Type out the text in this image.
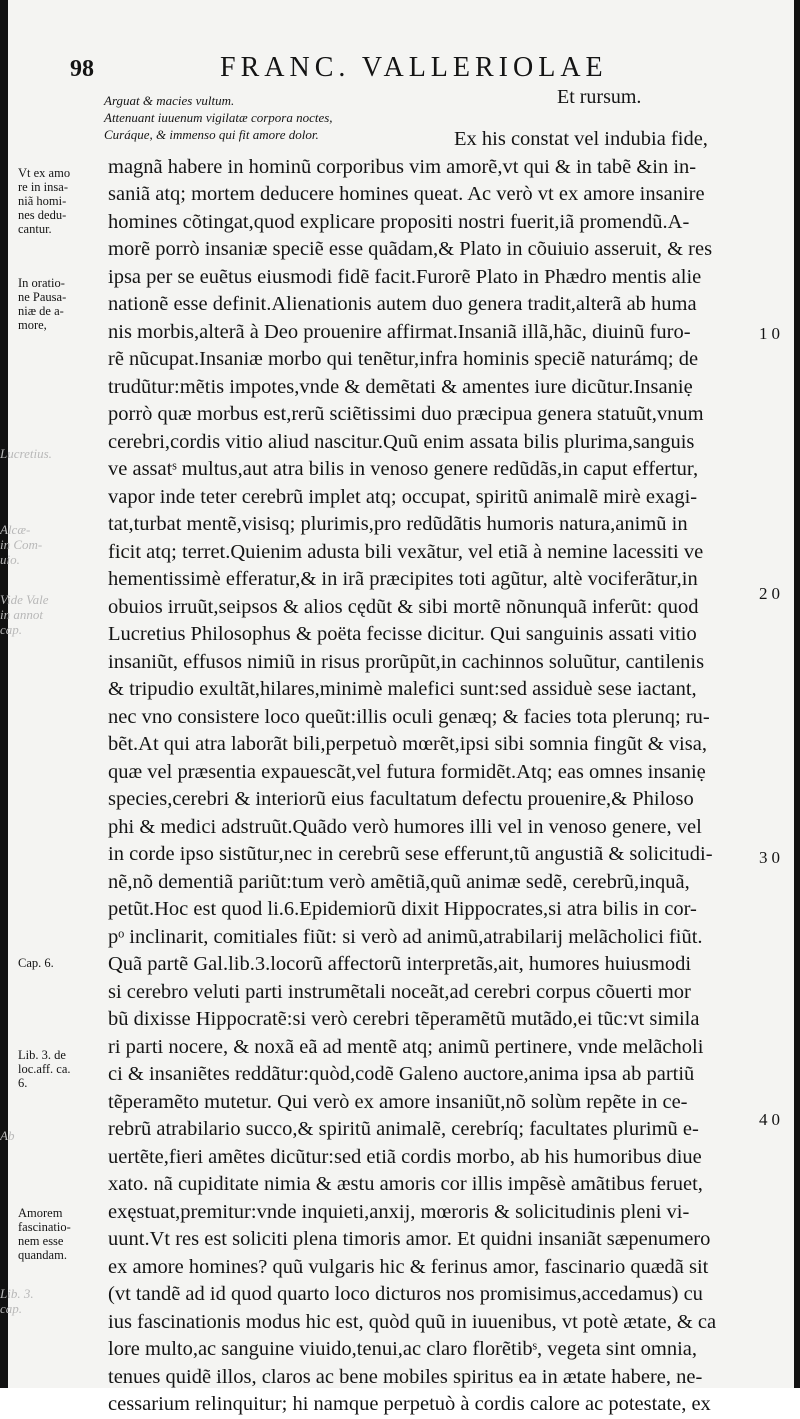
Lucretius.
Alcæ-
in Com-
uio.
Vide Vale
in annot
cap.
Ab
Lib. 3.
cap.
98	FRANC. VALLERIOLAE
Arguat & macies vultum.
Attenuant iuuenum vigilatæ corpora noctes,
Curáque, & immenso qui fit amore dolor.
Et rursum.
Ex his constat vel indubia fide,
magnã habere in hominũ corporibus vim amorẽ,vt qui & in tabẽ &in in-
saniã atq; mortem deducere homines queat. Ac verò vt ex amore insanire
homines cõtingat,quod explicare propositi nostri fuerit,iã promendũ.A-
morẽ porrò insaniæ speciẽ esse quãdam,& Plato in cõuiuio asseruit, & res
ipsa per se euẽtus eiusmodi fidẽ facit.Furorẽ Plato in Phædro mentis alie
nationẽ esse definit.Alienationis autem duo genera tradit,alterã ab huma
nis morbis,alterã à Deo prouenire affirmat.Insaniã illã,hãc, diuinũ furo-
rẽ nũcupat.Insaniæ morbo qui tenẽtur,infra hominis speciẽ naturámq; de
trudũtur:mẽtis impotes,vnde & demẽtati & amentes iure dicũtur.Insaniẹ
porrò quæ morbus est,rerũ sciẽtissimi duo præcipua genera statuũt,vnum
cerebri,cordis vitio aliud nascitur.Quũ enim assata bilis plurima,sanguis
ve assatˢ multus,aut atra bilis in venoso genere redũdãs,in caput effertur,
vapor inde teter cerebrũ implet atq; occupat, spiritũ animalẽ mirè exagi-
tat,turbat mentẽ,visisq; plurimis,pro redũdãtis humoris natura,animũ in
ficit atq; terret.Quienim adusta bili vexãtur, vel etiã à nemine lacessiti ve
hementissimè efferatur,& in irã præcipites toti agũtur, altè vociferãtur,in
obuios irruũt,seipsos & alios cędũt & sibi mortẽ nõnunquã inferũt: quod
Lucretius Philosophus & poëta fecisse dicitur. Qui sanguinis assati vitio
insaniũt, effusos nimiũ in risus prorũpũt,in cachinnos soluũtur, cantilenis
& tripudio exultãt,hilares,minimè malefici sunt:sed assiduè sese iactant,
nec vno consistere loco queũt:illis oculi genæq; & facies tota plerunq; ru-
bẽt.At qui atra laborãt bili,perpetuò mœrẽt,ipsi sibi somnia fingũt & visa,
quæ vel præsentia expauescãt,vel futura formidẽt.Atq; eas omnes insaniẹ
species,cerebri & interiorũ eius facultatum defectu prouenire,& Philoso
phi & medici adstruũt.Quãdo verò humores illi vel in venoso genere, vel
in corde ipso sistũtur,nec in cerebrũ sese efferunt,tũ angustiã & solicitudi-
nẽ,nõ dementiã pariũt:tum verò amẽtiã,quũ animæ sedẽ, cerebrũ,inquã,
petũt.Hoc est quod li.6.Epidemiorũ dixit Hippocrates,si atra bilis in cor-
pᵒ inclinarit, comitiales fiũt: si verò ad animũ,atrabilarij melãcholici fiũt.
Quã partẽ Gal.lib.3.locorũ affectorũ interpretãs,ait, humores huiusmodi
si cerebro veluti parti instrumẽtali noceãt,ad cerebri corpus cõuerti mor
bũ dixisse Hippocratẽ:si verò cerebri tẽperamẽtũ mutãdo,ei tũc:vt simila
ri parti nocere, & noxã eã ad mentẽ atq; animũ pertinere, vnde melãcholi
ci & insaniẽtes reddãtur:quòd,codẽ Galeno auctore,anima ipsa ab partiũ
tẽperamẽto mutetur. Qui verò ex amore insaniũt,nõ solùm repẽte in ce-
rebrũ atrabilario succo,& spiritũ animalẽ, cerebríq; facultates plurimũ e-
uertẽte,fieri amẽtes dicũtur:sed etiã cordis morbo, ab his humoribus diue
xato. nã cupiditate nimia & æstu amoris cor illis impẽsè amãtibus feruet,
exęstuat,premitur:vnde inquieti,anxij, mœroris & solicitudinis pleni vi-
uunt.Vt res est soliciti plena timoris amor. Et quidni insaniãt sæpenumero
ex amore homines? quũ vulgaris hic & ferinus amor, fascinario quædã sit
(vt tandẽ ad id quod quarto loco dicturos nos promisimus,accedamus) cu
ius fascinationis modus hic est, quòd quũ in iuuenibus, vt potè ætate, & ca
lore multo,ac sanguine viuido,tenui,ac claro florẽtibˢ, vegeta sint omnia,
tenues quidẽ illos, claros ac bene mobiles spiritus ea in ætate habere, ne-
cessarium relinquitur; hi namque perpetuò à cordis calore ac potestate, ex
Vt ex amo
re in insa-
niã homi-
nes dedu-
cantur.
In oratio-
ne Pausa-
niæ de a-
more,
Cap. 6.
Lib. 3. de
loc.aff. ca.
6.
Amorem
fascinatio-
nem esse
quandam.
10
20
30
40
